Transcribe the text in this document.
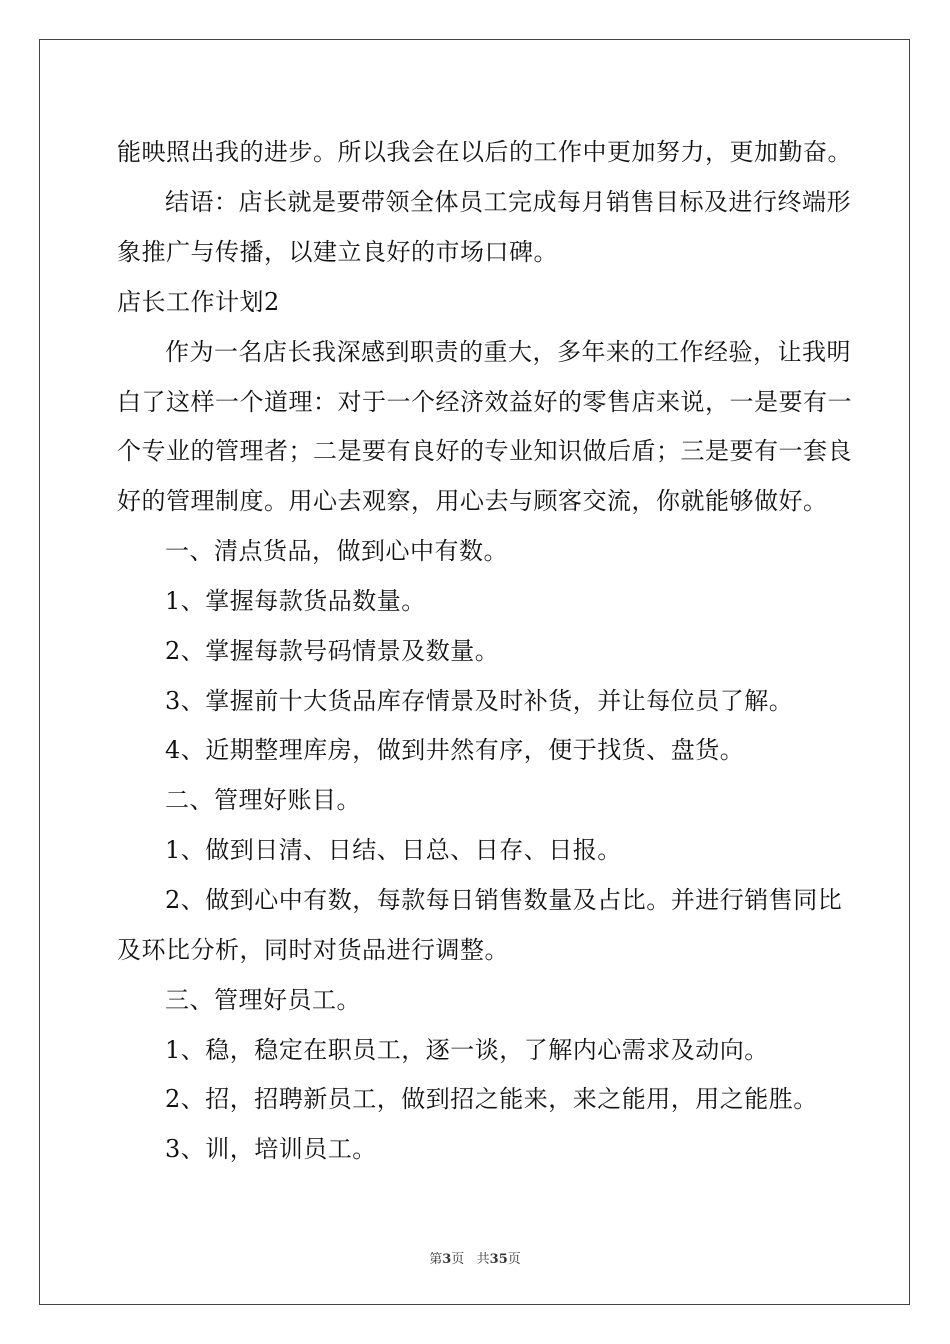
能映照出我的进步。所以我会在以后的工作中更加努力，更加勤奋。
结语：店长就是要带领全体员工完成每月销售目标及进行终端形
象推广与传播，以建立良好的市场口碑。
店长工作计划2
作为一名店长我深感到职责的重大，多年来的工作经验，让我明
白了这样一个道理：对于一个经济效益好的零售店来说，一是要有一
个专业的管理者；二是要有良好的专业知识做后盾；三是要有一套良
好的管理制度。用心去观察，用心去与顾客交流，你就能够做好。
一、清点货品，做到心中有数。
1、掌握每款货品数量。
2、掌握每款号码情景及数量。
3、掌握前十大货品库存情景及时补货，并让每位员了解。
4、近期整理库房，做到井然有序，便于找货、盘货。
二、管理好账目。
1、做到日清、日结、日总、日存、日报。
2、做到心中有数，每款每日销售数量及占比。并进行销售同比
及环比分析，同时对货品进行调整。
三、管理好员工。
1、稳，稳定在职员工，逐一谈，了解内心需求及动向。
2、招，招聘新员工，做到招之能来，来之能用，用之能胜。
3、训，培训员工。
第3页   共35页
